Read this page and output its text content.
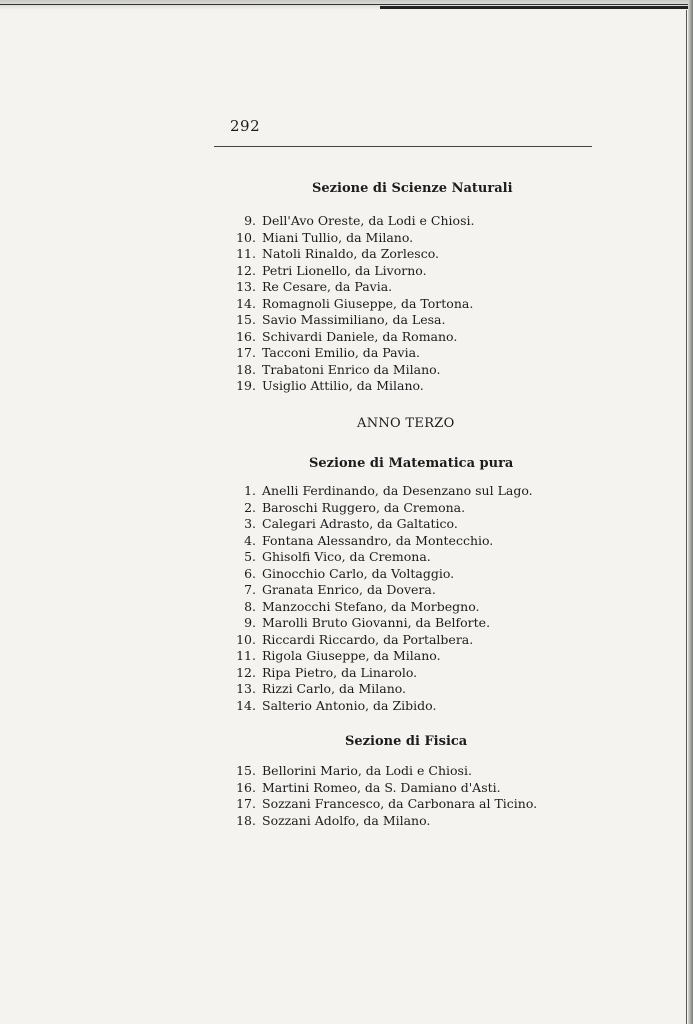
292
Sezione di Scienze Naturali
9. Dell'Avo Oreste, da Lodi e Chiosi.
10. Miani Tullio, da Milano.
11. Natoli Rinaldo, da Zorlesco.
12. Petri Lionello, da Livorno.
13. Re Cesare, da Pavia.
14. Romagnoli Giuseppe, da Tortona.
15. Savio Massimiliano, da Lesa.
16. Schivardi Daniele, da Romano.
17. Tacconi Emilio, da Pavia.
18. Trabatoni Enrico da Milano.
19. Usiglio Attilio, da Milano.
ANNO TERZO
Sezione di Matematica pura
1. Anelli Ferdinando, da Desenzano sul Lago.
2. Baroschi Ruggero, da Cremona.
3. Calegari Adrasto, da Galtatico.
4. Fontana Alessandro, da Montecchio.
5. Ghisolfi Vico, da Cremona.
6. Ginocchio Carlo, da Voltaggio.
7. Granata Enrico, da Dovera.
8. Manzocchi Stefano, da Morbegno.
9. Marolli Bruto Giovanni, da Belforte.
10. Riccardi Riccardo, da Portalbera.
11. Rigola Giuseppe, da Milano.
12. Ripa Pietro, da Linarolo.
13. Rizzi Carlo, da Milano.
14. Salterio Antonio, da Zibido.
Sezione di Fisica
15. Bellorini Mario, da Lodi e Chiosi.
16. Martini Romeo, da S. Damiano d'Asti.
17. Sozzani Francesco, da Carbonara al Ticino.
18. Sozzani Adolfo, da Milano.
